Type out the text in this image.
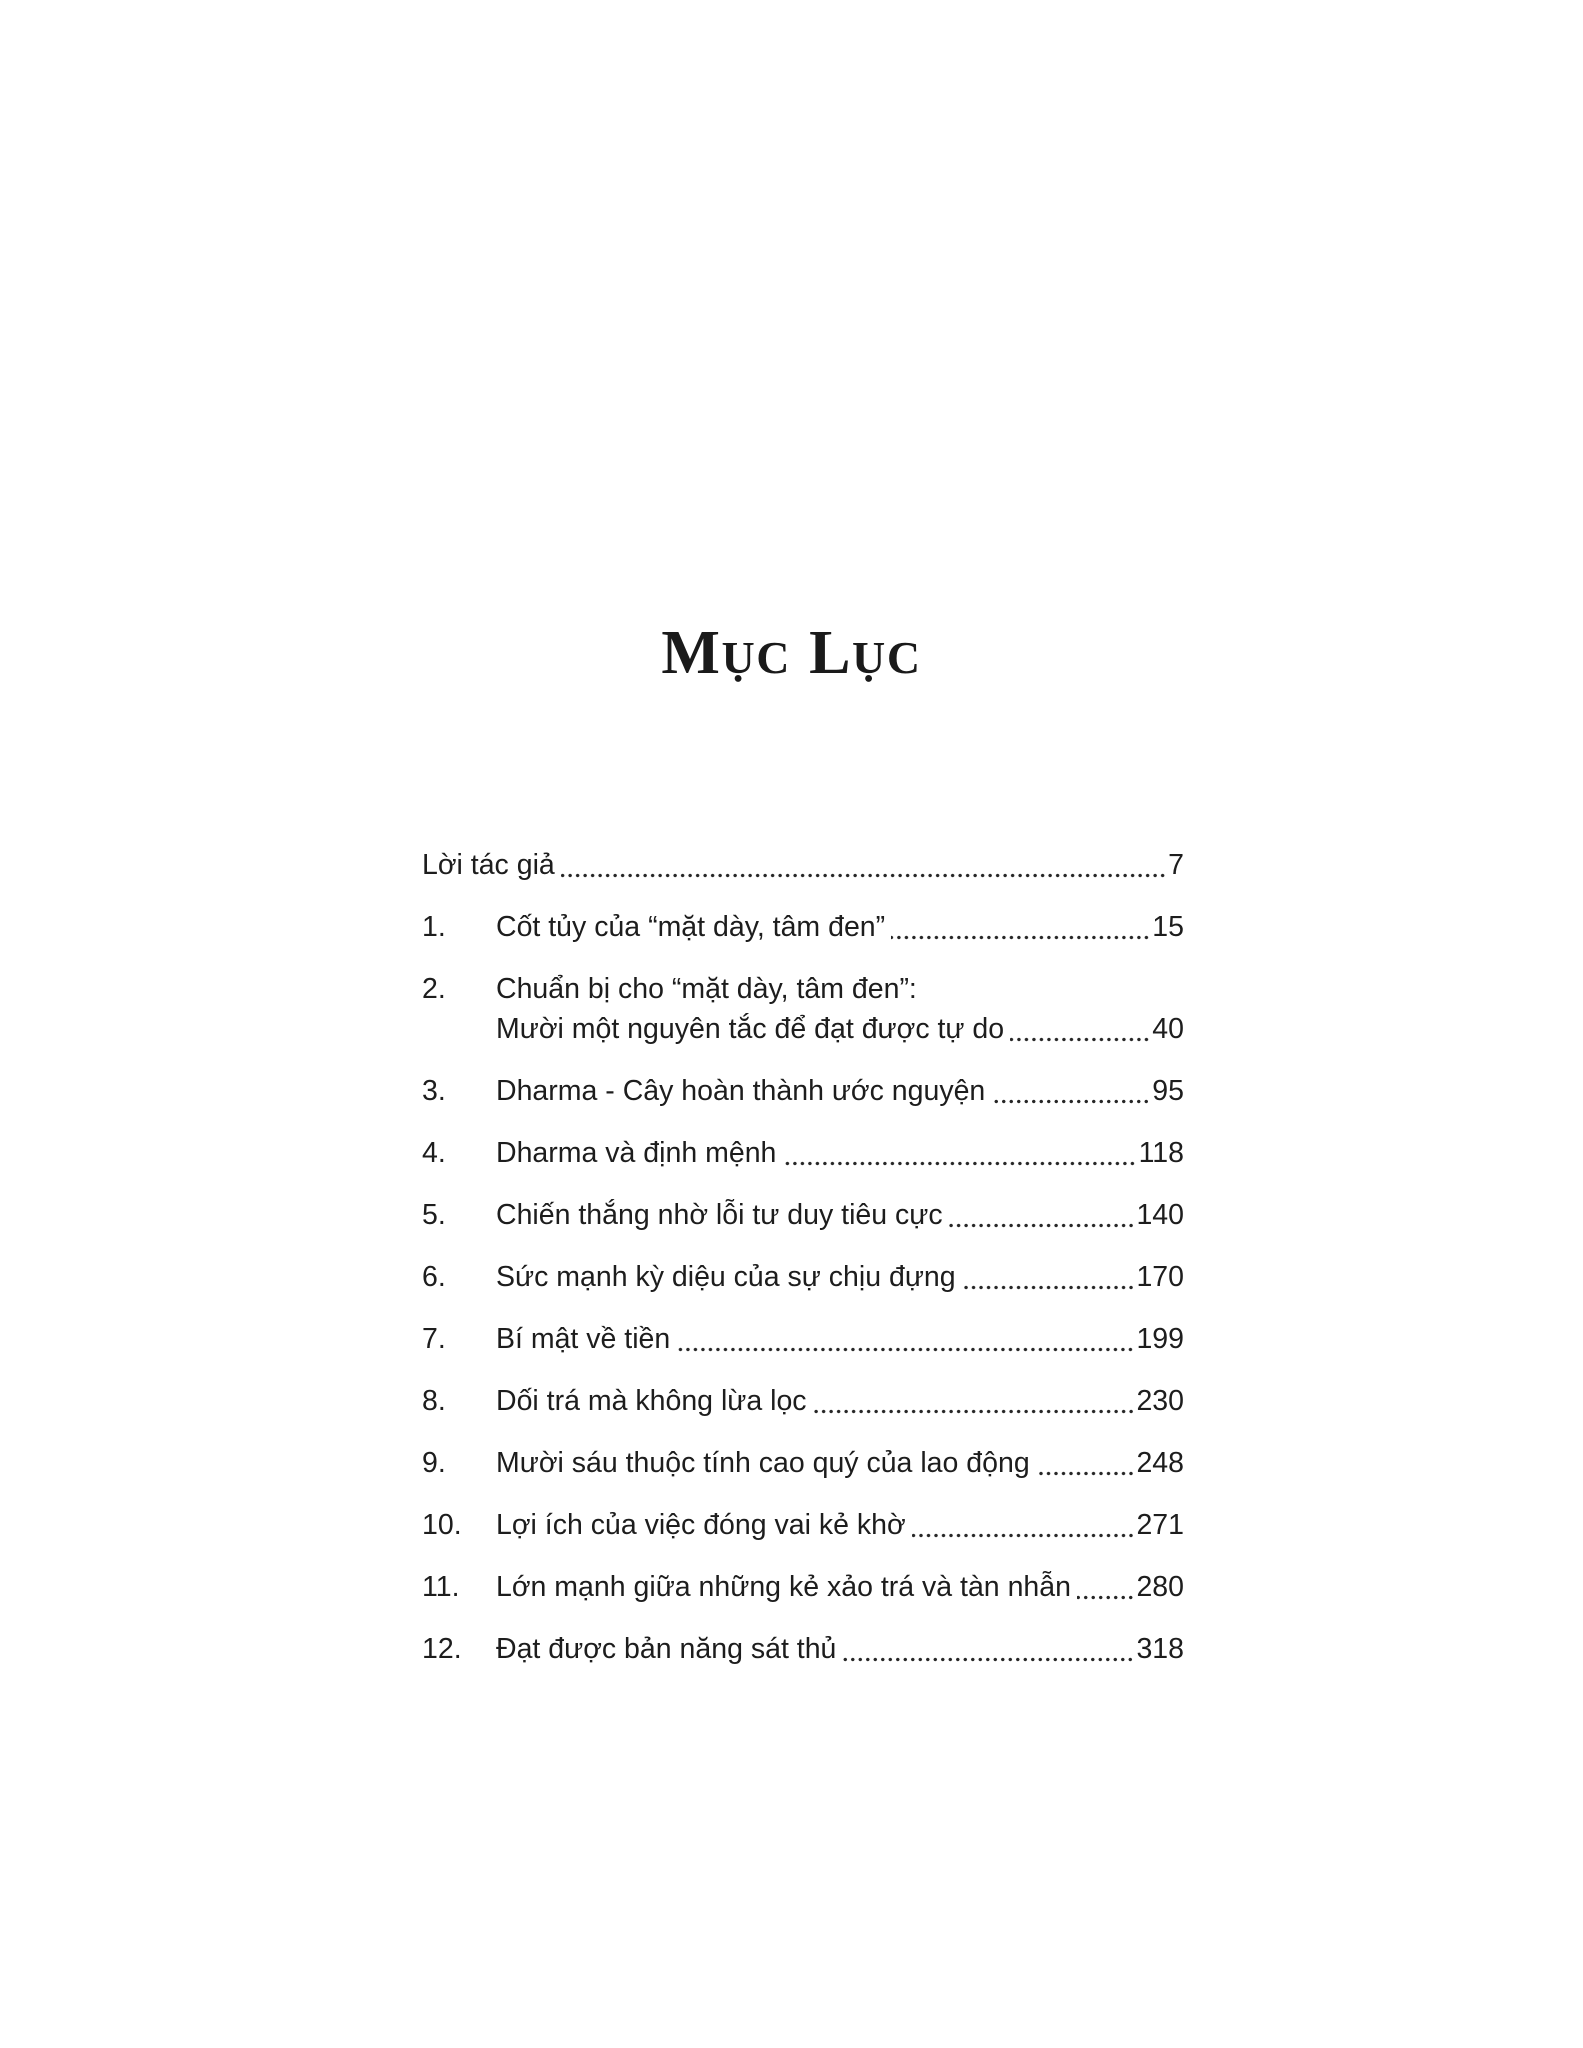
MỤC LỤC
Lời tác giả	7
1.	Cốt tủy của “mặt dày, tâm đen”	15
2.	Chuẩn bị cho “mặt dày, tâm đen”:
Mười một nguyên tắc để đạt được tự do	40
3.	Dharma - Cây hoàn thành ước nguyện	95
4.	Dharma và định mệnh	118
5.	Chiến thắng nhờ lỗi tư duy tiêu cực	140
6.	Sức mạnh kỳ diệu của sự chịu đựng	170
7.	Bí mật về tiền	199
8.	Dối trá mà không lừa lọc	230
9.	Mười sáu thuộc tính cao quý của lao động	248
10.	Lợi ích của việc đóng vai kẻ khờ	271
11.	Lớn mạnh giữa những kẻ xảo trá và tàn nhẫn 280
12.	Đạt được bản năng sát thủ	318
